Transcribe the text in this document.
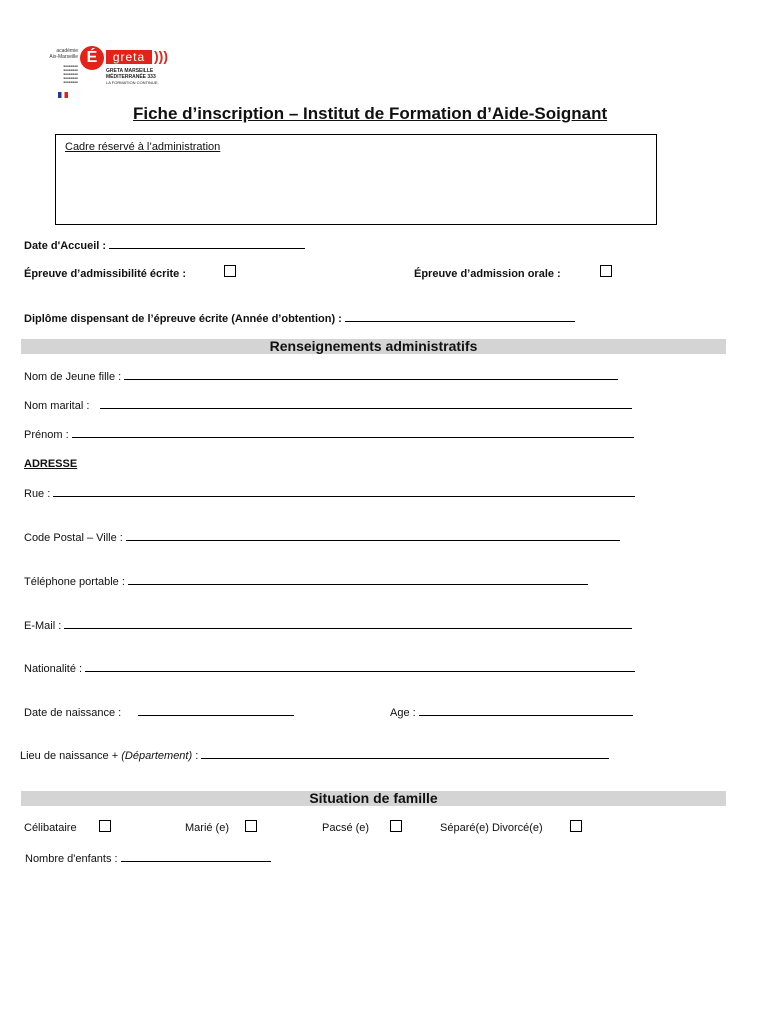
académie
Aix-Marseille
■■■■■■■■
■■■■■■■■
■■■■■■■■
■■■■■■■■
■■■■■■■■
É	greta )))
GRETA MARSEILLE
MÉDITERRANÉE 333
LA FORMATION CONTINUE.
Fiche d’inscription – Institut de Formation d’Aide-Soignant
Cadre réservé à l’administration
Date d'Accueil :
Épreuve d’admissibilité écrite :	Épreuve d’admission orale :
Diplôme dispensant de l’épreuve écrite (Année d’obtention) :
Renseignements administratifs
Nom de Jeune fille :
Nom marital :
Prénom :
ADRESSE
Rue :
Code Postal – Ville :
Téléphone portable :
E-Mail :
Nationalité :
Date de naissance :	Age :
Lieu de naissance + (Département) :
Situation de famille
Célibataire	Marié (e)	Pacsé (e)	Séparé(e) Divorcé(e)
Nombre d'enfants :
